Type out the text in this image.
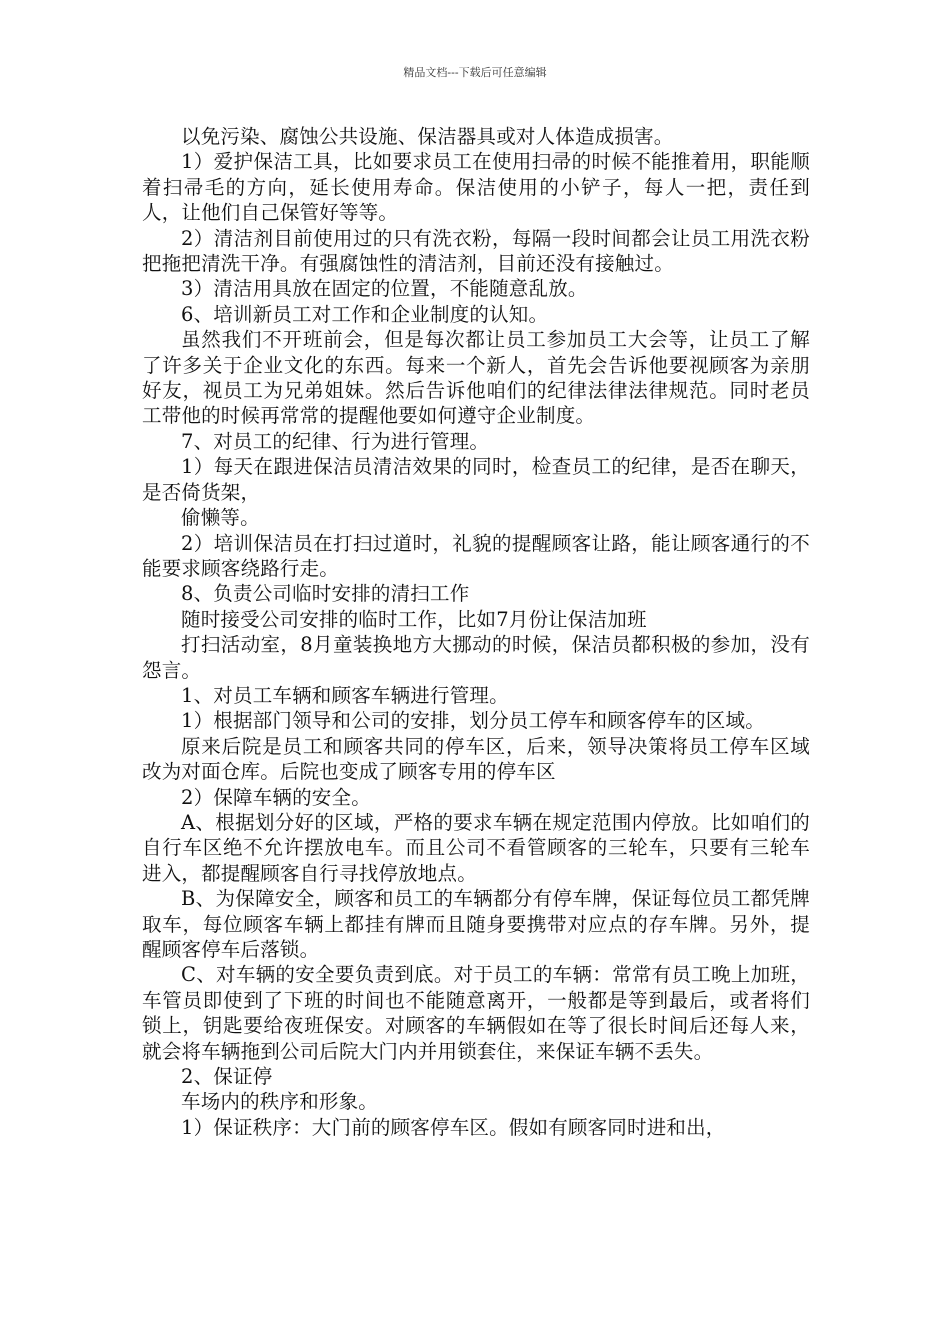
精品文档---下载后可任意编辑

以免污染、腐蚀公共设施、保洁器具或对人体造成损害。

1）爱护保洁工具，比如要求员工在使用扫帚的时候不能推着用，职能顺着扫帚毛的方向，延长使用寿命。保洁使用的小铲子，每人一把，责任到人，让他们自己保管好等等。

2）清洁剂目前使用过的只有洗衣粉，每隔一段时间都会让员工用洗衣粉把拖把清洗干净。有强腐蚀性的清洁剂，目前还没有接触过。

3）清洁用具放在固定的位置，不能随意乱放。

6、培训新员工对工作和企业制度的认知。

虽然我们不开班前会，但是每次都让员工参加员工大会等，让员工了解了许多关于企业文化的东西。每来一个新人，首先会告诉他要视顾客为亲朋好友，视员工为兄弟姐妹。然后告诉他咱们的纪律法律法律规范。同时老员工带他的时候再常常的提醒他要如何遵守企业制度。

7、对员工的纪律、行为进行管理。

1）每天在跟进保洁员清洁效果的同时，检查员工的纪律，是否在聊天，是否倚货架，

偷懒等。

2）培训保洁员在打扫过道时，礼貌的提醒顾客让路，能让顾客通行的不能要求顾客绕路行走。

8、负责公司临时安排的清扫工作

随时接受公司安排的临时工作，比如7月份让保洁加班

打扫活动室，8月童装换地方大挪动的时候，保洁员都积极的参加，没有怨言。

1、对员工车辆和顾客车辆进行管理。

1）根据部门领导和公司的安排，划分员工停车和顾客停车的区域。

原来后院是员工和顾客共同的停车区，后来，领导决策将员工停车区域改为对面仓库。后院也变成了顾客专用的停车区

2）保障车辆的安全。

A、根据划分好的区域，严格的要求车辆在规定范围内停放。比如咱们的自行车区绝不允许摆放电车。而且公司不看管顾客的三轮车，只要有三轮车进入，都提醒顾客自行寻找停放地点。

B、为保障安全，顾客和员工的车辆都分有停车牌，保证每位员工都凭牌取车，每位顾客车辆上都挂有牌而且随身要携带对应点的存车牌。另外，提醒顾客停车后落锁。

C、对车辆的安全要负责到底。对于员工的车辆：常常有员工晚上加班，车管员即使到了下班的时间也不能随意离开，一般都是等到最后，或者将们锁上，钥匙要给夜班保安。对顾客的车辆假如在等了很长时间后还每人来，就会将车辆拖到公司后院大门内并用锁套住，来保证车辆不丢失。

2、保证停

车场内的秩序和形象。

1）保证秩序：大门前的顾客停车区。假如有顾客同时进和出，
